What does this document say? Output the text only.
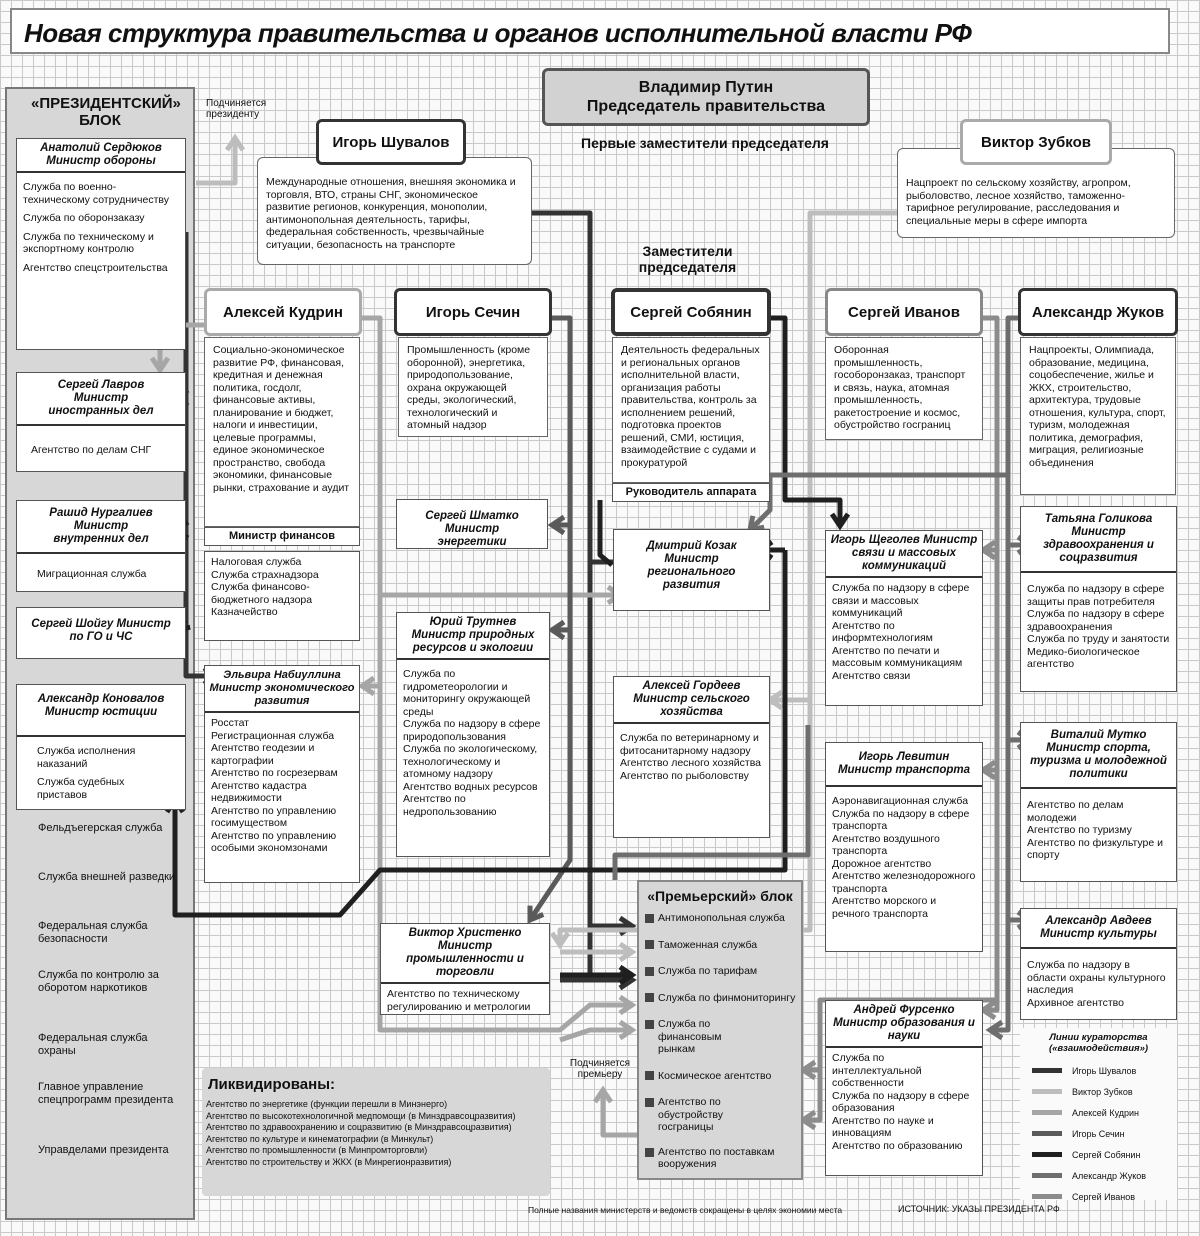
Новая структура правительства и органов исполнительной власти РФ
Владимир Путин
Председатель правительства
Первые заместители председателя
Заместители председателя
Игорь Шувалов
Международные отношения, внешняя экономика и торговля, ВТО, страны СНГ, экономическое развитие регионов, конкуренция, монополии, антимонопольная деятельность, тарифы, федеральная собственность, чрезвычайные ситуации, безопасность на транспорте
Виктор Зубков
Нацпроект по сельскому хозяйству, агропром, рыболовство, лесное хозяйство, таможенно-тарифное регулирование, расследования и специальные меры в сфере импорта
Алексей Кудрин
Социально-экономическое развитие РФ, финансовая, кредитная и денежная политика, госдолг, финансовые активы, планирование и бюджет, налоги и инвестиции, целевые программы, единое экономическое пространство, свобода экономики, финансовые рынки, страхование и аудит
Министр финансов
Налоговая служба
Служба страхнадзора
Служба финансово-бюджетного надзора
Казначейство
Игорь Сечин
Промышленность (кроме оборонной), энергетика, природопользование, охрана окружающей среды, экологический, технологический и атомный надзор
Сергей Собянин
Деятельность федеральных и региональных органов исполнительной власти, организация работы правительства, контроль за исполнением решений, подготовка проектов решений, СМИ, юстиция, взаимодействие с судами и прокуратурой
Руководитель аппарата
Сергей Иванов
Оборонная промышленность, гособоронзаказ, транспорт и связь, наука, атомная промышленность, ракетостроение и космос, обустройство госграниц
Александр Жуков
Нацпроекты, Олимпиада, образование, медицина, соцобеспечение, жилье и ЖКХ, строительство, архитектура, трудовые отношения, культура, спорт, туризм, молодежная политика, демография, миграция, религиозные объединения
«ПРЕЗИДЕНТСКИЙ» БЛОК
Подчиняется президенту
Анатолий Сердюков Министр обороны
Служба по военно-техническому сотрудничеству
Служба по оборонзаказу
Служба по техническому и экспортному контролю
Агентство спецстроительства
Сергей Лавров Министр иностранных дел
Агентство по делам СНГ
Рашид Нургалиев Министр внутренних дел
Миграционная служба
Сергей Шойгу Министр по ГО и ЧС
Александр Коновалов Министр юстиции
Служба исполнения наказаний
Служба судебных приставов
Фельдъегерская служба
Служба внешней разведки
Федеральная служба безопасности
Служба по контролю за оборотом наркотиков
Федеральная служба охраны
Главное управление спецпрограмм президента
Управделами президента
Эльвира Набиуллина Министр экономического развития
Росстат
Регистрационная служба
Агентство геодезии и картографии
Агентство по госрезервам
Агентство кадастра недвижимости
Агентство по управлению госимуществом
Агентство по управлению особыми экономзонами
Сергей Шматко Министр энергетики
Юрий Трутнев Министр природных ресурсов и экологии
Служба по гидрометеорологии и мониторингу окружающей среды
Служба по надзору в сфере природопользования
Служба по экологическому, технологическому и атомному надзору
Агентство водных ресурсов
Агентство по недропользованию
Дмитрий Козак Министр регионального развития
Алексей Гордеев Министр сельского хозяйства
Служба по ветеринарному и фитосанитарному надзору
Агентство лесного хозяйства
Агентство по рыболовству
Виктор Христенко Министр промышленности и торговли
Агентство по техническому регулированию и метрологии
Игорь Щеголев Министр связи и массовых коммуникаций
Служба по надзору в сфере связи и массовых коммуникаций
Агентство по информтехнологиям
Агентство по печати и массовым коммуникациям
Агентство связи
Игорь Левитин Министр транспорта
Аэронавигационная служба
Служба по надзору в сфере транспорта
Агентство воздушного транспорта
Дорожное агентство
Агентство железнодорожного транспорта
Агентство морского и речного транспорта
Андрей Фурсенко Министр образования и науки
Служба по интеллектуальной собственности
Служба по надзору в сфере образования
Агентство по науке и инновациям
Агентство по образованию
Татьяна Голикова Министр здравоохранения и соцразвития
Служба по надзору в сфере защиты прав потребителя
Служба по надзору в сфере здравоохранения
Служба по труду и занятости
Медико-биологическое агентство
Виталий Мутко Министр спорта, туризма и молодежной политики
Агентство по делам молодежи
Агентство по туризму
Агентство по физкультуре и спорту
Александр Авдеев Министр культуры
Служба по надзору в области охраны культурного наследия
Архивное агентство
«Премьерский» блок
Антимонопольная служба
Таможенная служба
Служба по тарифам
Служба по финмониторингу
Служба по финансовым рынкам
Космическое агентство
Агентство по обустройству госграницы
Агентство по поставкам вооружения
Подчиняется премьеру
Ликвидированы:
Агентство по энергетике (функции перешли в Минэнерго)
Агентство по высокотехнологичной медпомощи (в Минздравсоцразвития)
Агентство по здравоохранению и соцразвитию (в Минздравсоцразвития)
Агентство по культуре и кинематографии (в Минкульт)
Агентство по промышленности (в Минпромторговли)
Агентство по строительству и ЖКХ (в Минрегионразвития)
Линии кураторства («взаимодействия»)
Игорь Шувалов
Виктор Зубков
Алексей Кудрин
Игорь Сечин
Сергей Собянин
Александр Жуков
Сергей Иванов
Полные названия министерств и ведомств сокращены в целях экономии места	ИСТОЧНИК: УКАЗЫ ПРЕЗИДЕНТА РФ
